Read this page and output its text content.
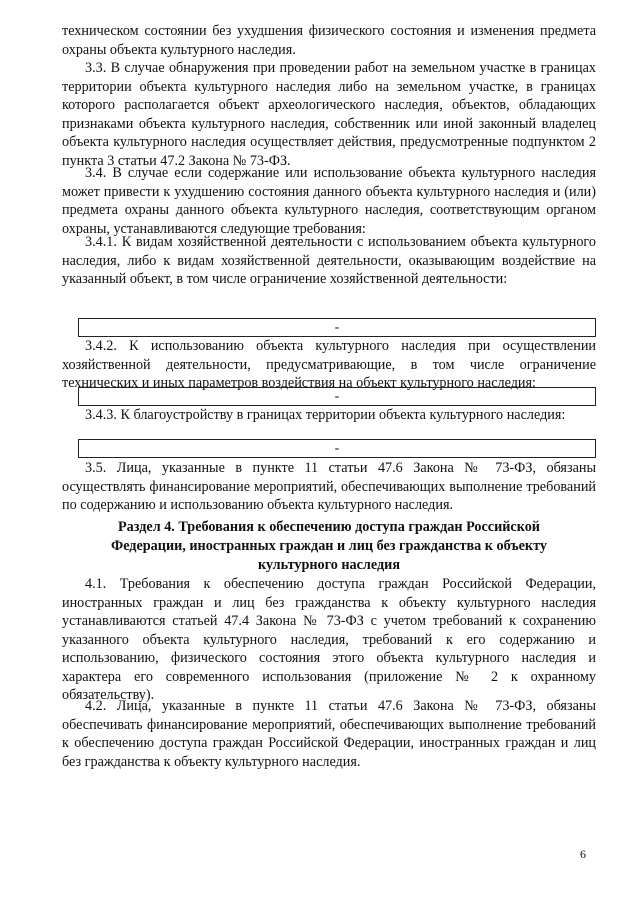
техническом состоянии без ухудшения физического состояния и изменения предмета охраны объекта культурного наследия.

3.3. В случае обнаружения при проведении работ на земельном участке в границах территории объекта культурного наследия либо на земельном участке, в границах которого располагается объект археологического наследия, объектов, обладающих признаками объекта культурного наследия, собственник или иной законный владелец объекта культурного наследия осуществляет действия, предусмотренные подпунктом 2 пункта 3 статьи 47.2 Закона № 73-ФЗ.

3.4. В случае если содержание или использование объекта культурного наследия может привести к ухудшению состояния данного объекта культурного наследия и (или) предмета охраны данного объекта культурного наследия, соответствующим органом охраны, устанавливаются следующие требования:

3.4.1. К видам хозяйственной деятельности с использованием объекта культурного наследия, либо к видам хозяйственной деятельности, оказывающим воздействие на указанный объект, в том числе ограничение хозяйственной деятельности:

-

3.4.2. К использованию объекта культурного наследия при осуществлении хозяйственной деятельности, предусматривающие, в том числе ограничение технических и иных параметров воздействия на объект культурного наследия:

-

3.4.3. К благоустройству в границах территории объекта культурного наследия:

-

3.5. Лица, указанные в пункте 11 статьи 47.6 Закона № 73-ФЗ, обязаны осуществлять финансирование мероприятий, обеспечивающих выполнение требований по содержанию и использованию объекта культурного наследия.

Раздел 4. Требования к обеспечению доступа граждан Российской
Федерации, иностранных граждан и лиц без гражданства к объекту
культурного наследия

4.1. Требования к обеспечению доступа граждан Российской Федерации, иностранных граждан и лиц без гражданства к объекту культурного наследия устанавливаются статьей 47.4 Закона № 73-ФЗ с учетом требований к сохранению указанного объекта культурного наследия, требований к его содержанию и использованию, физического состояния этого объекта культурного наследия и характера его современного использования (приложение № 2 к охранному обязательству).

4.2. Лица, указанные в пункте 11 статьи 47.6 Закона № 73-ФЗ, обязаны обеспечивать финансирование мероприятий, обеспечивающих выполнение требований к обеспечению доступа граждан Российской Федерации, иностранных граждан и лиц без гражданства к объекту культурного наследия.

6
